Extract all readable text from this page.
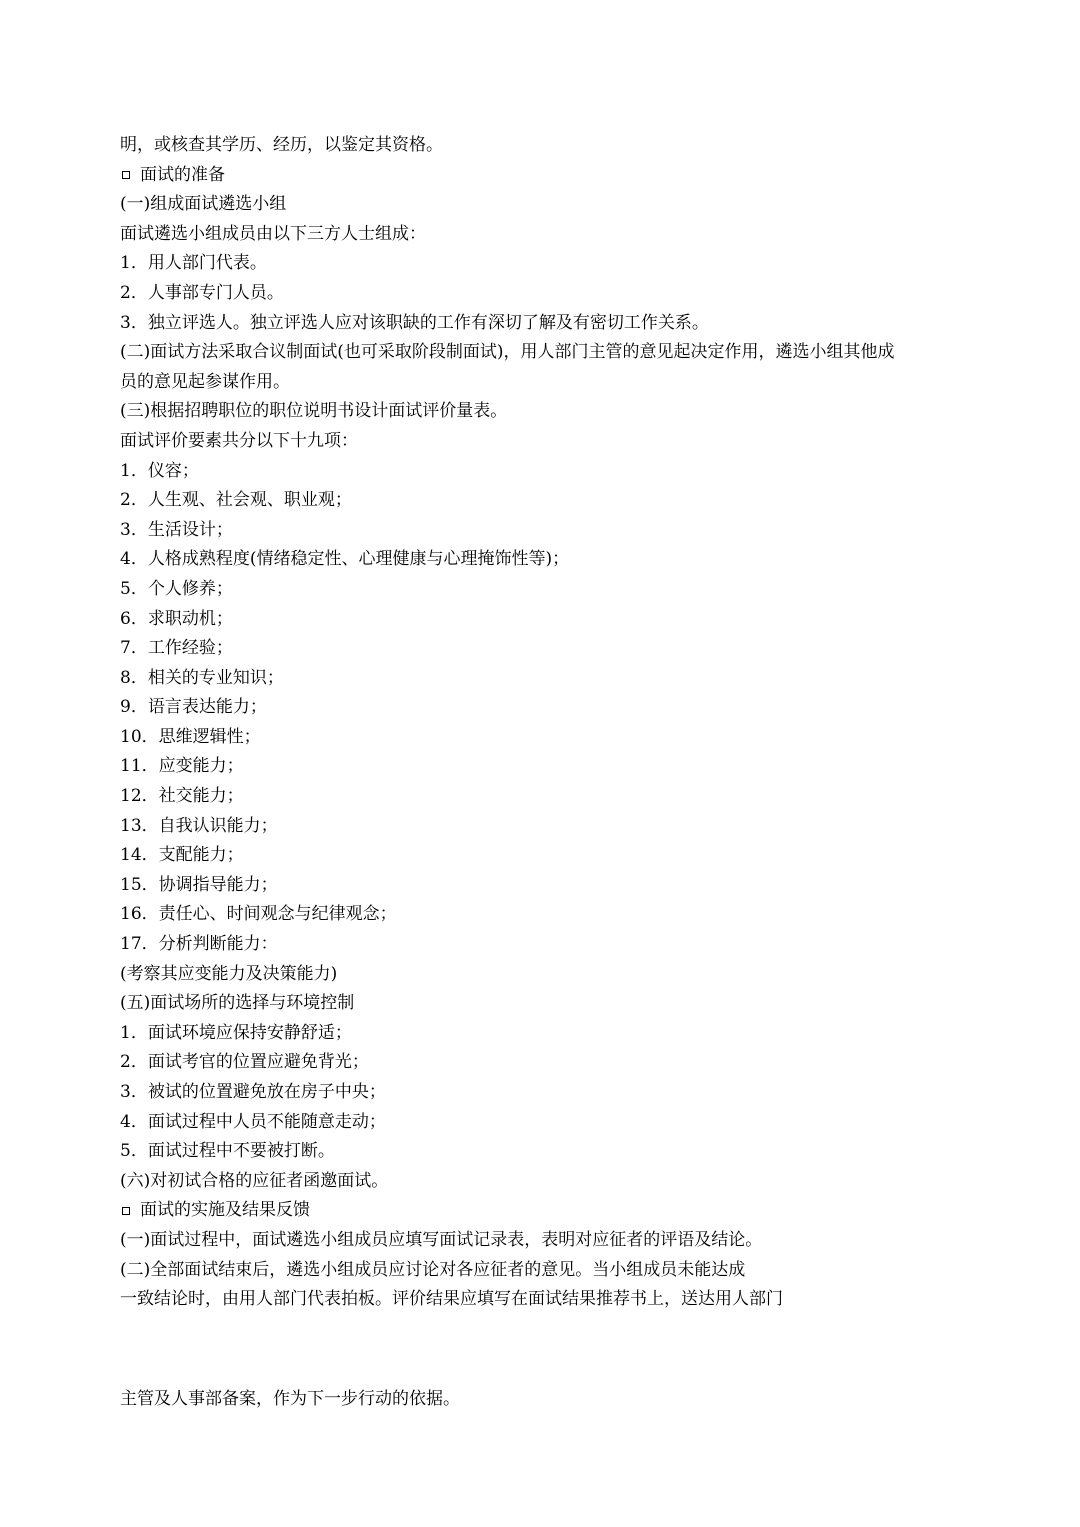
明，或核查其学历、经历，以鉴定其资格。
面试的准备
(一)组成面试遴选小组
面试遴选小组成员由以下三方人士组成：
1．用人部门代表。
2．人事部专门人员。
3．独立评选人。独立评选人应对该职缺的工作有深切了解及有密切工作关系。
(二)面试方法采取合议制面试(也可采取阶段制面试)，用人部门主管的意见起决定作用，遴选小组其他成
员的意见起参谋作用。
(三)根据招聘职位的职位说明书设计面试评价量表。
面试评价要素共分以下十九项：
1．仪容；
2．人生观、社会观、职业观；
3．生活设计；
4．人格成熟程度(情绪稳定性、心理健康与心理掩饰性等)；
5．个人修养；
6．求职动机；
7．工作经验；
8．相关的专业知识；
9．语言表达能力；
10．思维逻辑性；
11．应变能力；
12．社交能力；
13．自我认识能力；
14．支配能力；
15．协调指导能力；
16．责任心、时间观念与纪律观念；
17．分析判断能力：
(考察其应变能力及决策能力)
(五)面试场所的选择与环境控制
1．面试环境应保持安静舒适；
2．面试考官的位置应避免背光；
3．被试的位置避免放在房子中央；
4．面试过程中人员不能随意走动；
5．面试过程中不要被打断。
(六)对初试合格的应征者函邀面试。
面试的实施及结果反馈
(一)面试过程中，面试遴选小组成员应填写面试记录表，表明对应征者的评语及结论。
(二)全部面试结束后，遴选小组成员应讨论对各应征者的意见。当小组成员未能达成
一致结论时，由用人部门代表拍板。评价结果应填写在面试结果推荐书上，送达用人部门
主管及人事部备案，作为下一步行动的依据。
